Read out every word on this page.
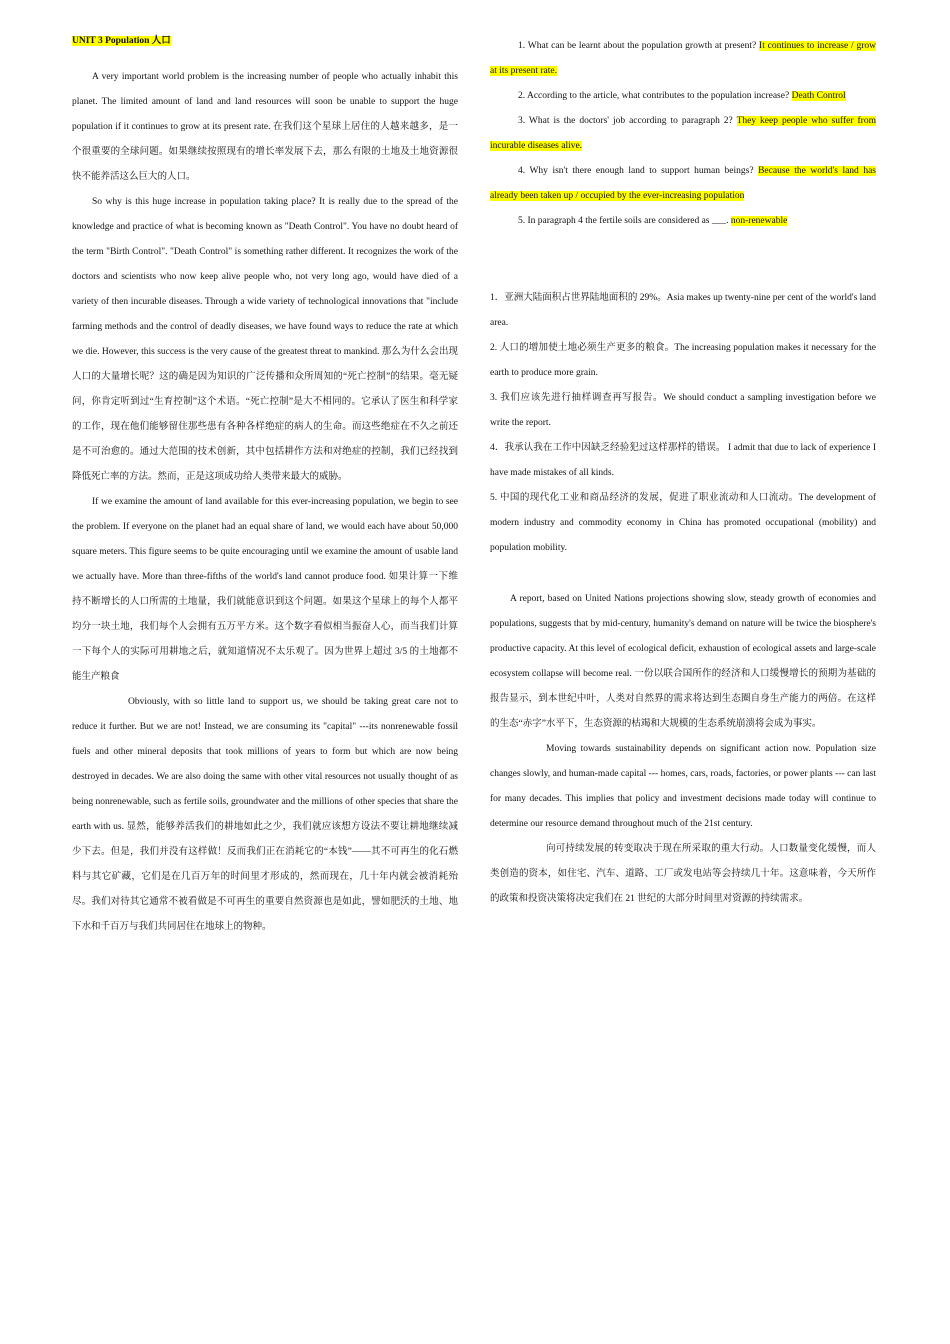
UNIT 3 Population 人口

A very important world problem is the increasing number of people who actually inhabit this planet. The limited amount of land and land resources will soon be unable to support the huge population if it continues to grow at its present rate. 在我们这个星球上居住的人越来越多，是一个很重要的全球问题。如果继续按照现有的增长率发展下去，那么有限的土地及土地资源很快不能养活这么巨大的人口。

So why is this huge increase in population taking place? It is really due to the spread of the knowledge and practice of what is becoming known as "Death Control". You have no doubt heard of the term "Birth Control". "Death Control" is something rather different. It recognizes the work of the doctors and scientists who now keep alive people who, not very long ago, would have died of a variety of then incurable diseases. Through a wide variety of technological innovations that "include farming methods and the control of deadly diseases, we have found ways to reduce the rate at which we die. However, this success is the very cause of the greatest threat to mankind. 那么为什么会出现人口的大量增长呢？这的确是因为知识的广泛传播和众所周知的“死亡控制”的结果。毫无疑问，你肯定听到过“生育控制”这个术语。“死亡控制”是大不相同的。它承认了医生和科学家的工作，现在他们能够留住那些患有各种各样绝症的病人的生命。而这些绝症在不久之前还是不可治愈的。通过大范围的技术创新，其中包括耕作方法和对绝症的控制，我们已经找到降低死亡率的方法。然而，正是这项成功给人类带来最大的威胁。

If we examine the amount of land available for this ever-increasing population, we begin to see the problem. If everyone on the planet had an equal share of land, we would each have about 50,000 square meters. This figure seems to be quite encouraging until we examine the amount of usable land we actually have. More than three-fifths of the world's land cannot produce food. 如果计算一下维持不断增长的人口所需的土地量，我们就能意识到这个问题。如果这个星球上的每个人都平均分一块土地，我们每个人会拥有五万平方米。这个数字看似相当振奋人心，而当我们计算一下每个人的实际可用耕地之后，就知道情况不太乐观了。因为世界上超过 3/5 的土地都不能生产粮食

Obviously, with so little land to support us, we should be taking great care not to reduce it further. But we are not! Instead, we are consuming its "capital" ---its nonrenewable fossil fuels and other mineral deposits that took millions of years to form but which are now being destroyed in decades. We are also doing the same with other vital resources not usually thought of as being nonrenewable, such as fertile soils, groundwater and the millions of other species that share the earth with us. 显然，能够养活我们的耕地如此之少，我们就应该想方设法不要让耕地继续减少下去。但是，我们并没有这样做！反而我们正在消耗它的“本钱”——其不可再生的化石燃料与其它矿藏，它们是在几百万年的时间里才形成的，然而现在，几十年内就会被消耗殆尽。我们对待其它通常不被看做是不可再生的重要自然资源也是如此，譬如肥沃的土地、地下水和千百万与我们共同居住在地球上的物种。

1. What can be learnt about the population growth at present? It continues to increase / grow at its present rate.

2. According to the article, what contributes to the population increase? Death Control

3. What is the doctors' job according to paragraph 2? They keep people who suffer from incurable diseases alive.

4. Why isn't there enough land to support human beings? Because the world's land has already been taken up / occupied by the ever-increasing population

5. In paragraph 4 the fertile soils are considered as ___. non-renewable

1．亚洲大陆面积占世界陆地面积的 29%。Asia makes up twenty-nine per cent of the world's land area.

2. 人口的增加使土地必须生产更多的粮食。The increasing population makes it necessary for the earth to produce more grain.

3. 我们应该先进行抽样调查再写报告。We should conduct a sampling investigation before we write the report.

4．我承认我在工作中因缺乏经验犯过这样那样的错误。 I admit that due to lack of experience I have made mistakes of all kinds.

5. 中国的现代化工业和商品经济的发展，促进了职业流动和人口流动。The development of modern industry and commodity economy in China has promoted occupational (mobility) and population mobility.

A report, based on United Nations projections showing slow, steady growth of economies and populations, suggests that by mid-century, humanity's demand on nature will be twice the biosphere's productive capacity. At this level of ecological deficit, exhaustion of ecological assets and large-scale ecosystem collapse will become real. 一份以联合国所作的经济和人口缓慢增长的预期为基础的报告显示，到本世纪中叶，人类对自然界的需求将达到生态圈自身生产能力的两倍。在这样的生态“赤字”水平下，生态资源的枯竭和大规模的生态系统崩溃将会成为事实。

Moving towards sustainability depends on significant action now. Population size changes slowly, and human-made capital --- homes, cars, roads, factories, or power plants --- can last for many decades. This implies that policy and investment decisions made today will continue to determine our resource demand throughout much of the 21st century.

向可持续发展的转变取决于现在所采取的重大行动。人口数量变化缓慢，而人类创造的资本，如住宅、汽车、道路、工厂或发电站等会持续几十年。这意味着，今天所作的政策和投资决策将决定我们在 21 世纪的大部分时间里对资源的持续需求。
